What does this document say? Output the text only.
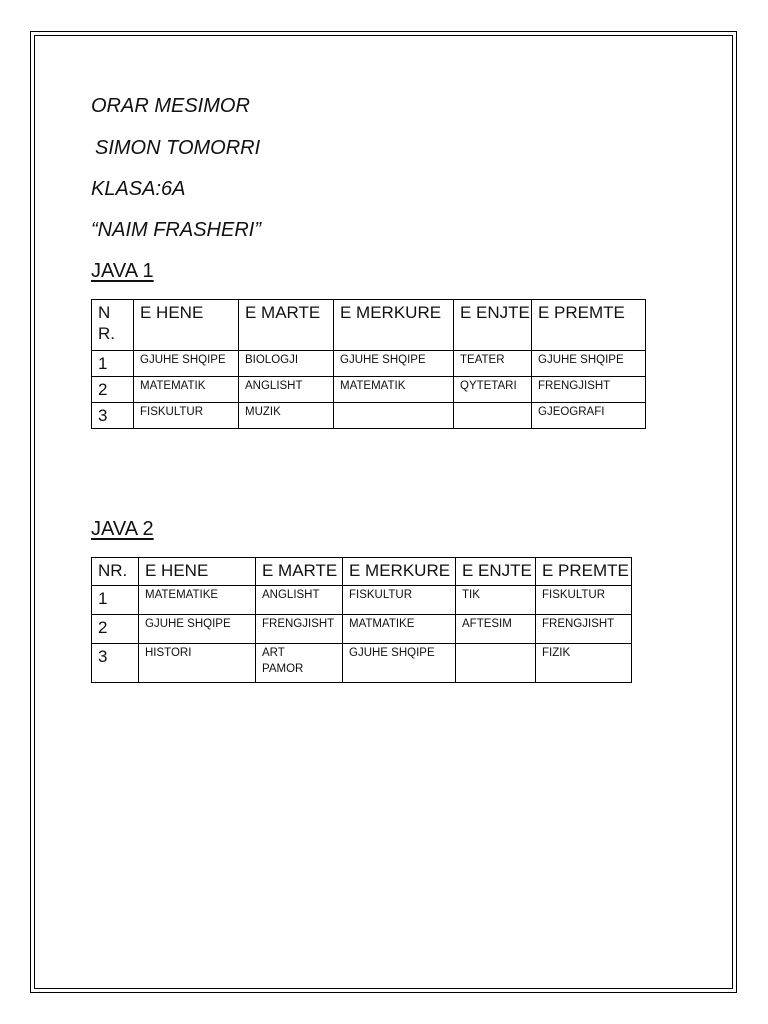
ORAR MESIMOR
SIMON TOMORRI
KLASA:6A
“NAIM FRASHERI”
JAVA 1
NR.	E HENE	E MARTE	E MERKURE	E ENJTE	E PREMTE
1	GJUHE SHQIPE	BIOLOGJI	GJUHE SHQIPE	TEATER	GJUHE SHQIPE
2	MATEMATIK	ANGLISHT	MATEMATIK	QYTETARI	FRENGJISHT
3	FISKULTUR	MUZIK			GJEOGRAFI
JAVA 2
NR.	E HENE	E MARTE	E MERKURE	E ENJTE	E PREMTE
1	MATEMATIKE	ANGLISHT	FISKULTUR	TIK	FISKULTUR
2	GJUHE SHQIPE	FRENGJISHT	MATMATIKE	AFTESIM	FRENGJISHT
3	HISTORI	ART PAMOR	GJUHE SHQIPE		FIZIK
